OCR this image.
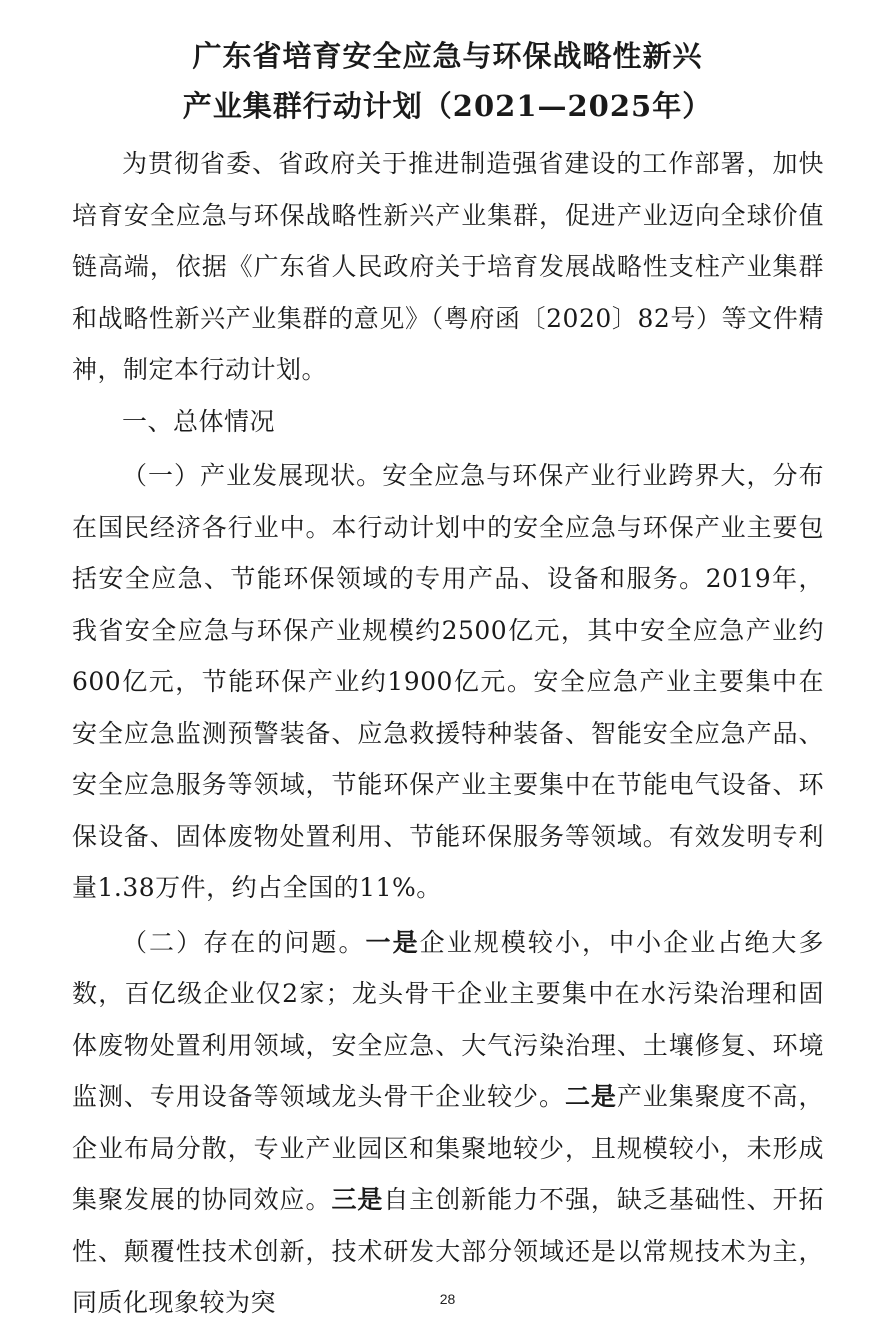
广东省培育安全应急与环保战略性新兴
产业集群行动计划（2021—2025年）

为贯彻省委、省政府关于推进制造强省建设的工作部署，加快培育安全应急与环保战略性新兴产业集群，促进产业迈向全球价值链高端，依据《广东省人民政府关于培育发展战略性支柱产业集群和战略性新兴产业集群的意见》（粤府函〔2020〕82号）等文件精神，制定本行动计划。

一、总体情况

（一）产业发展现状。安全应急与环保产业行业跨界大，分布在国民经济各行业中。本行动计划中的安全应急与环保产业主要包括安全应急、节能环保领域的专用产品、设备和服务。2019年，我省安全应急与环保产业规模约2500亿元，其中安全应急产业约600亿元，节能环保产业约1900亿元。安全应急产业主要集中在安全应急监测预警装备、应急救援特种装备、智能安全应急产品、安全应急服务等领域，节能环保产业主要集中在节能电气设备、环保设备、固体废物处置利用、节能环保服务等领域。有效发明专利量1.38万件，约占全国的11%。

（二）存在的问题。一是企业规模较小，中小企业占绝大多数，百亿级企业仅2家；龙头骨干企业主要集中在水污染治理和固体废物处置利用领域，安全应急、大气污染治理、土壤修复、环境监测、专用设备等领域龙头骨干企业较少。二是产业集聚度不高，企业布局分散，专业产业园区和集聚地较少，且规模较小，未形成集聚发展的协同效应。三是自主创新能力不强，缺乏基础性、开拓性、颠覆性技术创新，技术研发大部分领域还是以常规技术为主，同质化现象较为突	28
